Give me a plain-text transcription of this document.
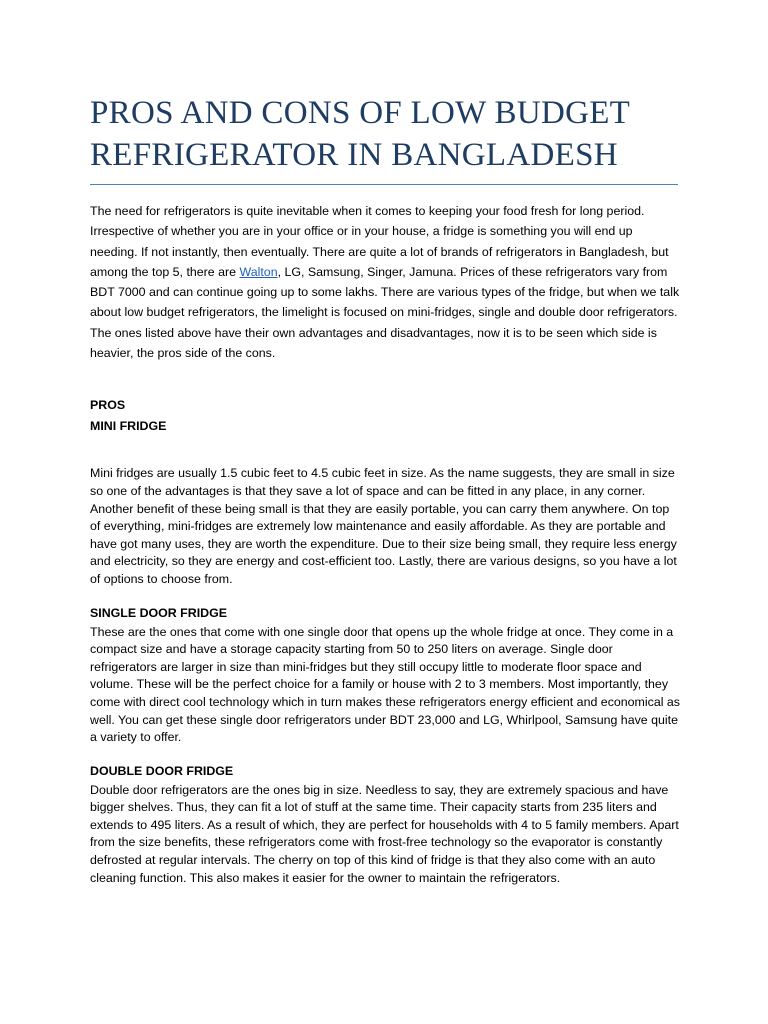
PROS AND CONS OF LOW BUDGET REFRIGERATOR IN BANGLADESH

The need for refrigerators is quite inevitable when it comes to keeping your food fresh for long period. Irrespective of whether you are in your office or in your house, a fridge is something you will end up needing. If not instantly, then eventually. There are quite a lot of brands of refrigerators in Bangladesh, but among the top 5, there are Walton, LG, Samsung, Singer, Jamuna. Prices of these refrigerators vary from BDT 7000 and can continue going up to some lakhs. There are various types of the fridge, but when we talk about low budget refrigerators, the limelight is focused on mini-fridges, single and double door refrigerators. The ones listed above have their own advantages and disadvantages, now it is to be seen which side is heavier, the pros side of the cons.

PROS

MINI FRIDGE

Mini fridges are usually 1.5 cubic feet to 4.5 cubic feet in size. As the name suggests, they are small in size so one of the advantages is that they save a lot of space and can be fitted in any place, in any corner. Another benefit of these being small is that they are easily portable, you can carry them anywhere. On top of everything, mini-fridges are extremely low maintenance and easily affordable. As they are portable and have got many uses, they are worth the expenditure. Due to their size being small, they require less energy and electricity, so they are energy and cost-efficient too. Lastly, there are various designs, so you have a lot of options to choose from.

SINGLE DOOR FRIDGE

These are the ones that come with one single door that opens up the whole fridge at once. They come in a compact size and have a storage capacity starting from 50 to 250 liters on average. Single door refrigerators are larger in size than mini-fridges but they still occupy little to moderate floor space and volume. These will be the perfect choice for a family or house with 2 to 3 members. Most importantly, they come with direct cool technology which in turn makes these refrigerators energy efficient and economical as well. You can get these single door refrigerators under BDT 23,000 and LG, Whirlpool, Samsung have quite a variety to offer.

DOUBLE DOOR FRIDGE

Double door refrigerators are the ones big in size. Needless to say, they are extremely spacious and have bigger shelves. Thus, they can fit a lot of stuff at the same time. Their capacity starts from 235 liters and extends to 495 liters. As a result of which, they are perfect for households with 4 to 5 family members. Apart from the size benefits, these refrigerators come with frost-free technology so the evaporator is constantly defrosted at regular intervals. The cherry on top of this kind of fridge is that they also come with an auto cleaning function. This also makes it easier for the owner to maintain the refrigerators.
